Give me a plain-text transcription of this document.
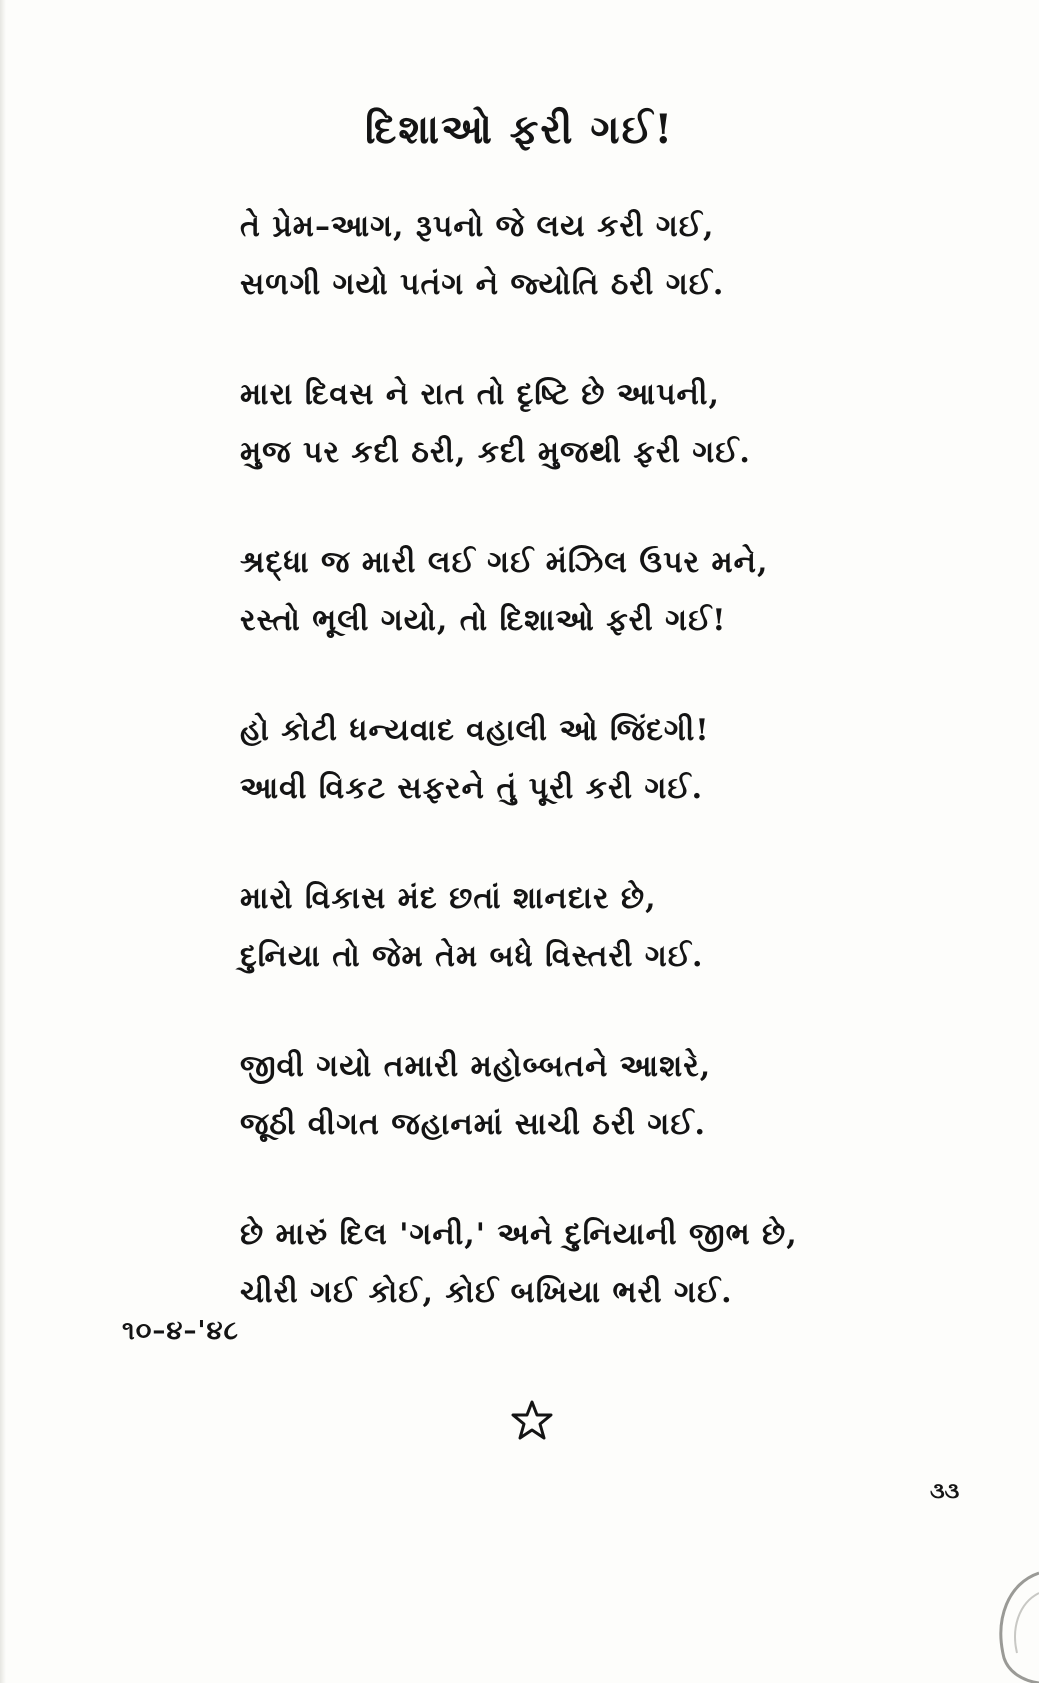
દિશાઓ ફરી ગઈ!
તે પ્રેમ–આગ, રૂપનો જે લય કરી ગઈ,
સળગી ગયો પતંગ ને જ્યોતિ ઠરી ગઈ.
મારા દિવસ ને રાત તો દૃષ્ટિ છે આપની,
મુજ પર કદી ઠરી, કદી મુજથી ફરી ગઈ.
શ્રદ્ધા જ મારી લઈ ગઈ મંઝિલ ઉપર મને,
રસ્તો ભૂલી ગયો, તો દિશાઓ ફરી ગઈ!
હો કોટી ધન્યવાદ વહાલી ઓ જિંદગી!
આવી વિકટ સફરને તું પૂરી કરી ગઈ.
મારો વિકાસ મંદ છતાં શાનદાર છે,
દુનિયા તો જેમ તેમ બધે વિસ્તરી ગઈ.
જીવી ગયો તમારી મહોબ્બતને આશરે,
જૂઠી વીગત જહાનમાં સાચી ઠરી ગઈ.
છે મારું દિલ 'ગની,' અને દુનિયાની જીભ છે,
ચીરી ગઈ કોઈ, કોઈ બખિયા ભરી ગઈ.
૧૦–૪–'૪૮
૩૩
